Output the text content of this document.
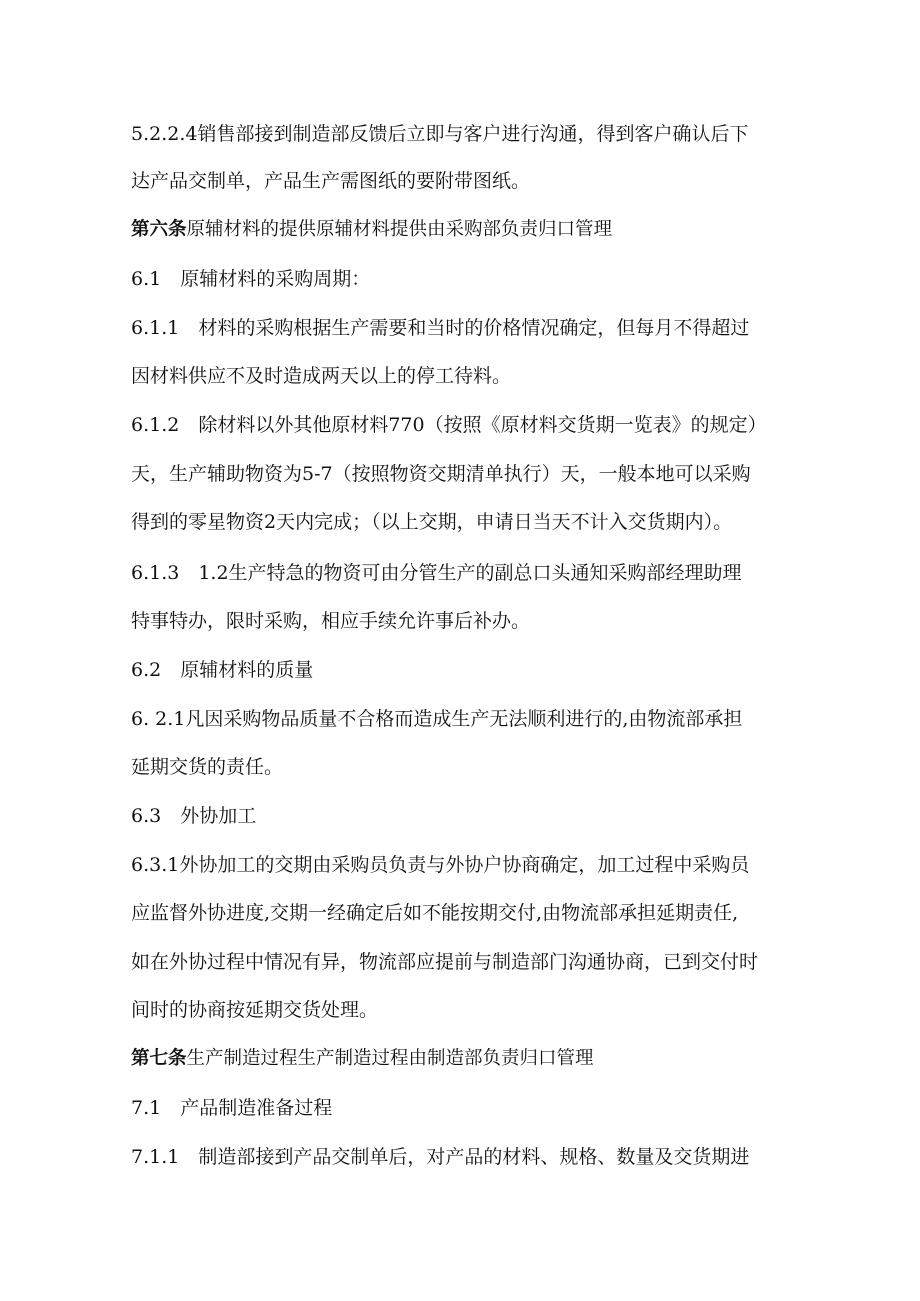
5.2.2.4销售部接到制造部反馈后立即与客户进行沟通，得到客户确认后下
达产品交制单，产品生产需图纸的要附带图纸。
第六条原辅材料的提供原辅材料提供由采购部负责归口管理
6.1　原辅材料的采购周期：
6.1.1　材料的采购根据生产需要和当时的价格情况确定，但每月不得超过
因材料供应不及时造成两天以上的停工待料。
6.1.2　除材料以外其他原材料770（按照《原材料交货期一览表》的规定）
天，生产辅助物资为5-7（按照物资交期清单执行）天，一般本地可以采购
得到的零星物资2天内完成；（以上交期，申请日当天不计入交货期内）。
6.1.3　1.2生产特急的物资可由分管生产的副总口头通知采购部经理助理
特事特办，限时采购，相应手续允许事后补办。
6.2　原辅材料的质量
6. 2.1凡因采购物品质量不合格而造成生产无法顺利进行的,由物流部承担
延期交货的责任。
6.3　外协加工
6.3.1外协加工的交期由采购员负责与外协户协商确定，加工过程中采购员
应监督外协进度,交期一经确定后如不能按期交付,由物流部承担延期责任,
如在外协过程中情况有异，物流部应提前与制造部门沟通协商，已到交付时
间时的协商按延期交货处理。
第七条生产制造过程生产制造过程由制造部负责归口管理
7.1　产品制造准备过程
7.1.1　制造部接到产品交制单后，对产品的材料、规格、数量及交货期进
